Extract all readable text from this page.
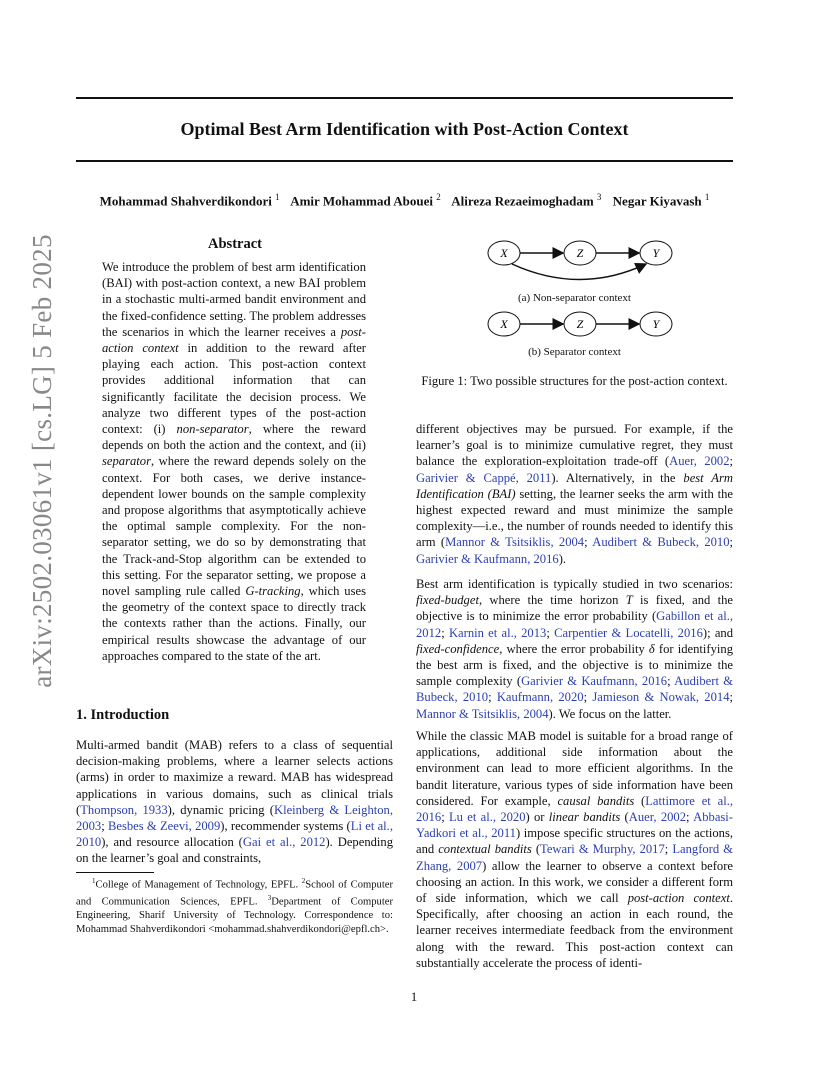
Optimal Best Arm Identification with Post-Action Context
Mohammad Shahverdikondori $^1$ Amir Mohammad Abouei $^2$ Alireza Rezaeimoghadam $^3$ Negar Kiyavash $^1$
arXiv:2502.03061v1 [cs.LG] 5 Feb 2025	Abstract
We introduce the problem of best arm identification (BAI) with post-action context, a new BAI problem in a stochastic multi-armed bandit environment and the fixed-confidence setting. The problem addresses the scenarios in which the learner receives a post-action context in addition to the reward after playing each action. This post-action context provides additional information that can significantly facilitate the decision process. We analyze two different types of the post-action context: (i) non-separator, where the reward depends on both the action and the context, and (ii) separator, where the reward depends solely on the context. For both cases, we derive instance-dependent lower bounds on the sample complexity and propose algorithms that asymptotically achieve the optimal sample complexity. For the non-separator setting, we do so by demonstrating that the Track-and-Stop algorithm can be extended to this setting. For the separator setting, we propose a novel sampling rule called G-tracking, which uses the geometry of the context space to directly track the contexts rather than the actions. Finally, our empirical results showcase the advantage of our approaches compared to the state of the art.
1. Introduction
Multi-armed bandit (MAB) refers to a class of sequential decision-making problems, where a learner selects actions (arms) in order to maximize a reward. MAB has widespread applications in various domains, such as clinical trials (Thompson, 1933), dynamic pricing (Kleinberg & Leighton, 2003; Besbes & Zeevi, 2009), recommender systems (Li et al., 2010), and resource allocation (Gai et al., 2012). Depending on the learner’s goal and constraints,
$^1$College of Management of Technology, EPFL. $^2$School of Computer and Communication Sciences, EPFL. $^3$Department of Computer Engineering, Sharif University of Technology. Correspondence to: Mohammad Shahverdikondori <mohammad.shahverdikondori@epfl.ch>.
X	Z	Y
X	Z	Y
(a) Non-separator context
(b) Separator context
Figure 1: Two possible structures for the post-action context.
different objectives may be pursued. For example, if the learner’s goal is to minimize cumulative regret, they must balance the exploration-exploitation trade-off (Auer, 2002; Garivier & Cappé, 2011). Alternatively, in the best Arm Identification (BAI) setting, the learner seeks the arm with the highest expected reward and must minimize the sample complexity—i.e., the number of rounds needed to identify this arm (Mannor & Tsitsiklis, 2004; Audibert & Bubeck, 2010; Garivier & Kaufmann, 2016).
Best arm identification is typically studied in two scenarios: fixed-budget, where the time horizon T is fixed, and the objective is to minimize the error probability (Gabillon et al., 2012; Karnin et al., 2013; Carpentier & Locatelli, 2016); and fixed-confidence, where the error probability δ for identifying the best arm is fixed, and the objective is to minimize the sample complexity (Garivier & Kaufmann, 2016; Audibert & Bubeck, 2010; Kaufmann, 2020; Jamieson & Nowak, 2014; Mannor & Tsitsiklis, 2004). We focus on the latter.
While the classic MAB model is suitable for a broad range of applications, additional side information about the environment can lead to more efficient algorithms. In the bandit literature, various types of side information have been considered. For example, causal bandits (Lattimore et al., 2016; Lu et al., 2020) or linear bandits (Auer, 2002; Abbasi-Yadkori et al., 2011) impose specific structures on the actions, and contextual bandits (Tewari & Murphy, 2017; Langford & Zhang, 2007) allow the learner to observe a context before choosing an action. In this work, we consider a different form of side information, which we call post-action context. Specifically, after choosing an action in each round, the learner receives intermediate feedback from the environment along with the reward. This post-action context can substantially accelerate the process of identi-
1
